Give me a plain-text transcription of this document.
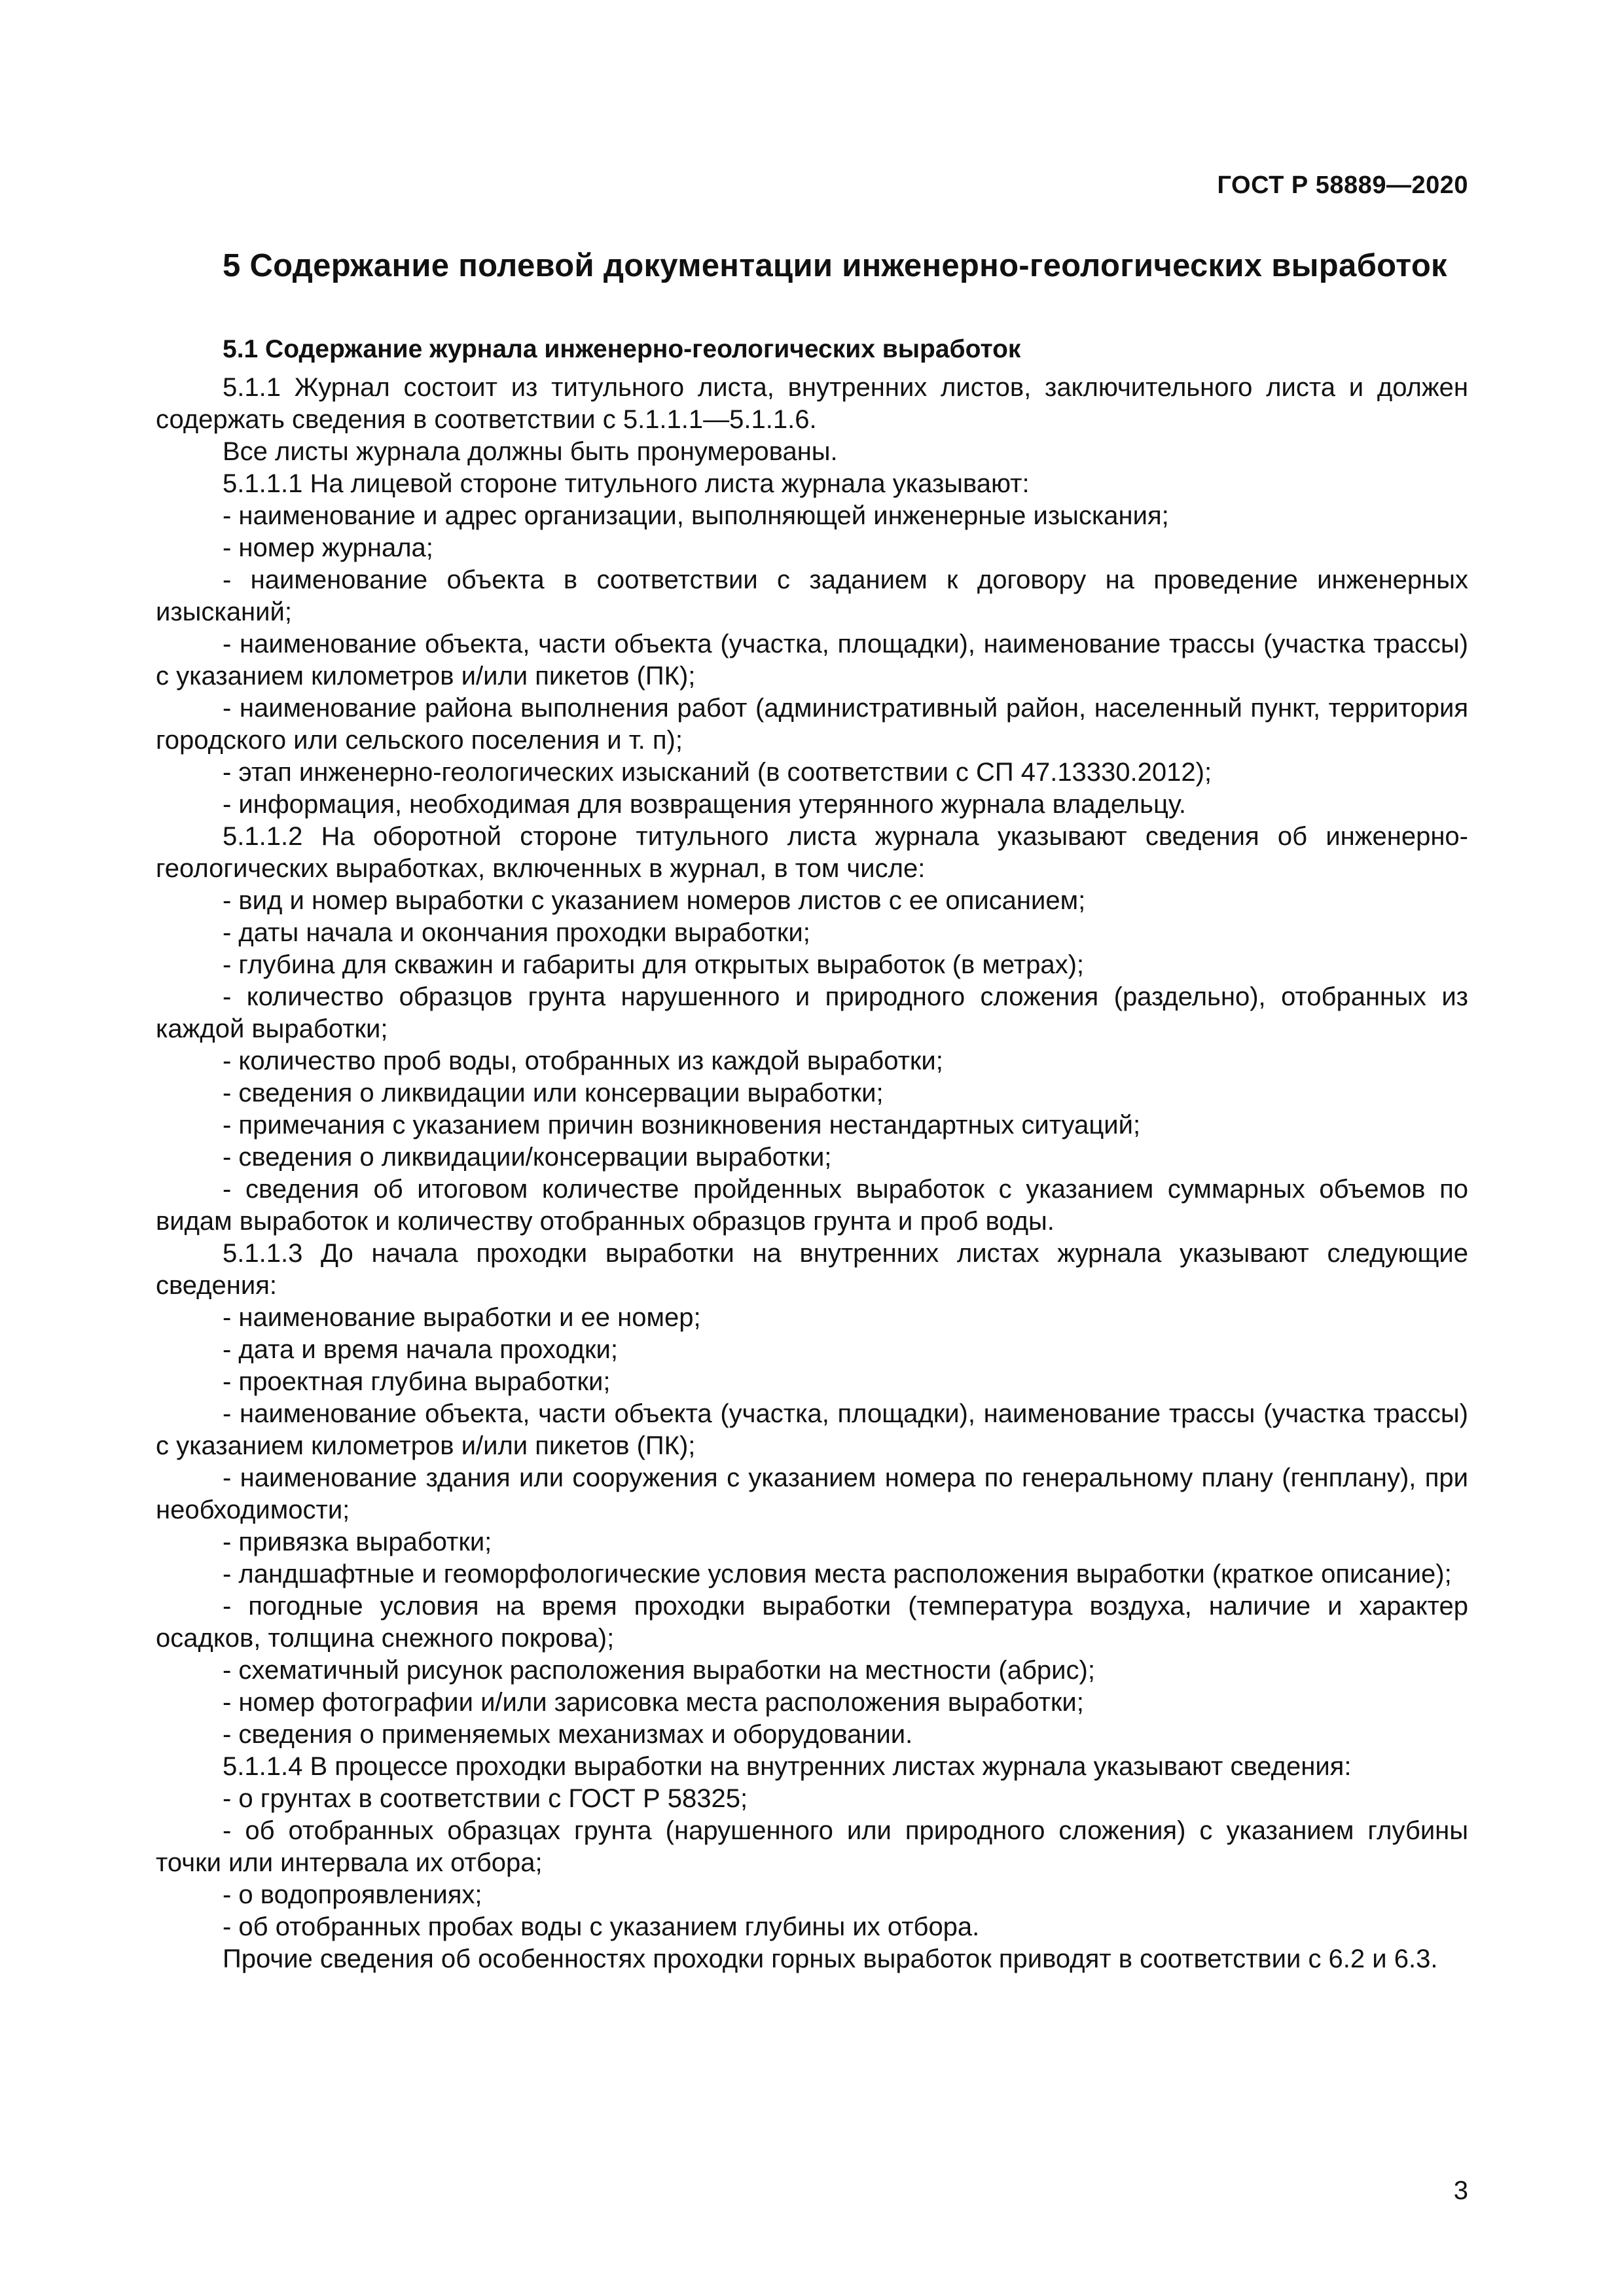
ГОСТ Р 58889—2020
5 Содержание полевой документации инженерно-геологических выработок
5.1 Содержание журнала инженерно-геологических выработок

5.1.1 Журнал состоит из титульного листа, внутренних листов, заключительного листа и должен содержать сведения в соответствии с 5.1.1.1—5.1.1.6.

Все листы журнала должны быть пронумерованы.

5.1.1.1 На лицевой стороне титульного листа журнала указывают:

- наименование и адрес организации, выполняющей инженерные изыскания;

- номер журнала;

- наименование объекта в соответствии с заданием к договору на проведение инженерных изысканий;

- наименование объекта, части объекта (участка, площадки), наименование трассы (участка трассы) с указанием километров и/или пикетов (ПК);

- наименование района выполнения работ (административный район, населенный пункт, территория городского или сельского поселения и т. п);

- этап инженерно-геологических изысканий (в соответствии с СП 47.13330.2012);

- информация, необходимая для возвращения утерянного журнала владельцу.

5.1.1.2 На оборотной стороне титульного листа журнала указывают сведения об инженерно-геологических выработках, включенных в журнал, в том числе:

- вид и номер выработки с указанием номеров листов с ее описанием;

- даты начала и окончания проходки выработки;

- глубина для скважин и габариты для открытых выработок (в метрах);

- количество образцов грунта нарушенного и природного сложения (раздельно), отобранных из каждой выработки;

- количество проб воды, отобранных из каждой выработки;

- сведения о ликвидации или консервации выработки;

- примечания с указанием причин возникновения нестандартных ситуаций;

- сведения о ликвидации/консервации выработки;

- сведения об итоговом количестве пройденных выработок с указанием суммарных объемов по видам выработок и количеству отобранных образцов грунта и проб воды.

5.1.1.3 До начала проходки выработки на внутренних листах журнала указывают следующие сведения:

- наименование выработки и ее номер;

- дата и время начала проходки;

- проектная глубина выработки;

- наименование объекта, части объекта (участка, площадки), наименование трассы (участка трассы) с указанием километров и/или пикетов (ПК);

- наименование здания или сооружения с указанием номера по генеральному плану (генплану), при необходимости;

- привязка выработки;

- ландшафтные и геоморфологические условия места расположения выработки (краткое описание);

- погодные условия на время проходки выработки (температура воздуха, наличие и характер осадков, толщина снежного покрова);

- схематичный рисунок расположения выработки на местности (абрис);

- номер фотографии и/или зарисовка места расположения выработки;

- сведения о применяемых механизмах и оборудовании.

5.1.1.4 В процессе проходки выработки на внутренних листах журнала указывают сведения:

- о грунтах в соответствии с ГОСТ Р 58325;

- об отобранных образцах грунта (нарушенного или природного сложения) с указанием глубины точки или интервала их отбора;

- о водопроявлениях;

- об отобранных пробах воды с указанием глубины их отбора.

Прочие сведения об особенностях проходки горных выработок приводят в соответствии с 6.2 и 6.3.

3
